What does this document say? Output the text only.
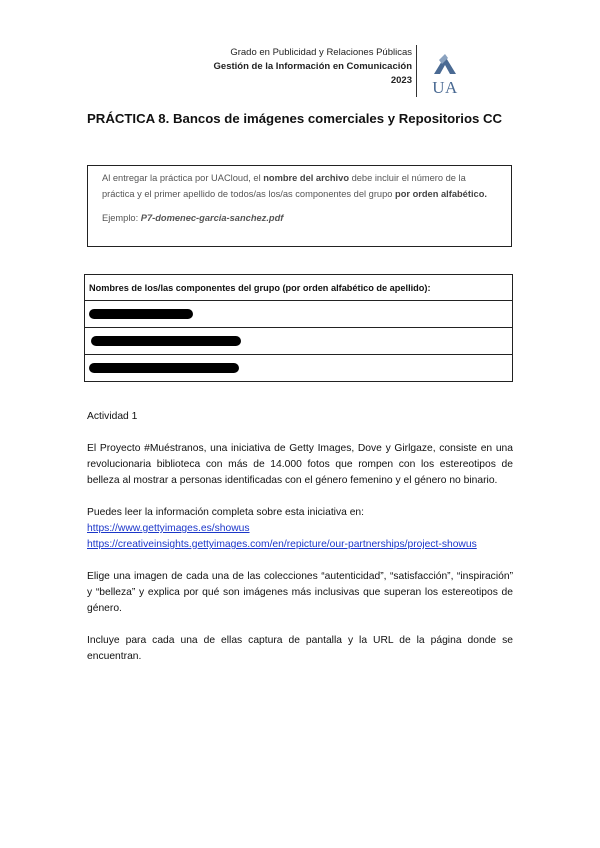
Grado en Publicidad y Relaciones Públicas
Gestión de la Información en Comunicación
2023 UA
PRÁCTICA 8. Bancos de imágenes comerciales y Repositorios CC
Al entregar la práctica por UACloud, el nombre del archivo debe incluir el número de la práctica y el primer apellido de todos/as los/as componentes del grupo por orden alfabético.
Ejemplo: P7-domenec-garcia-sanchez.pdf
Nombres de los/las componentes del grupo (por orden alfabético de apellido):

Actividad 1
El Proyecto #Muéstranos, una iniciativa de Getty Images, Dove y Girlgaze, consiste en una revolucionaria biblioteca con más de 14.000 fotos que rompen con los estereotipos de belleza al mostrar a personas identificadas con el género femenino y el género no binario.
Puedes leer la información completa sobre esta iniciativa en:
https://www.gettyimages.es/showus
https://creativeinsights.gettyimages.com/en/repicture/our-partnerships/project-showus
Elige una imagen de cada una de las colecciones “autenticidad”, “satisfacción”, “inspiración” y “belleza” y explica por qué son imágenes más inclusivas que superan los estereotipos de género.
Incluye para cada una de ellas captura de pantalla y la URL de la página donde se encuentran.
